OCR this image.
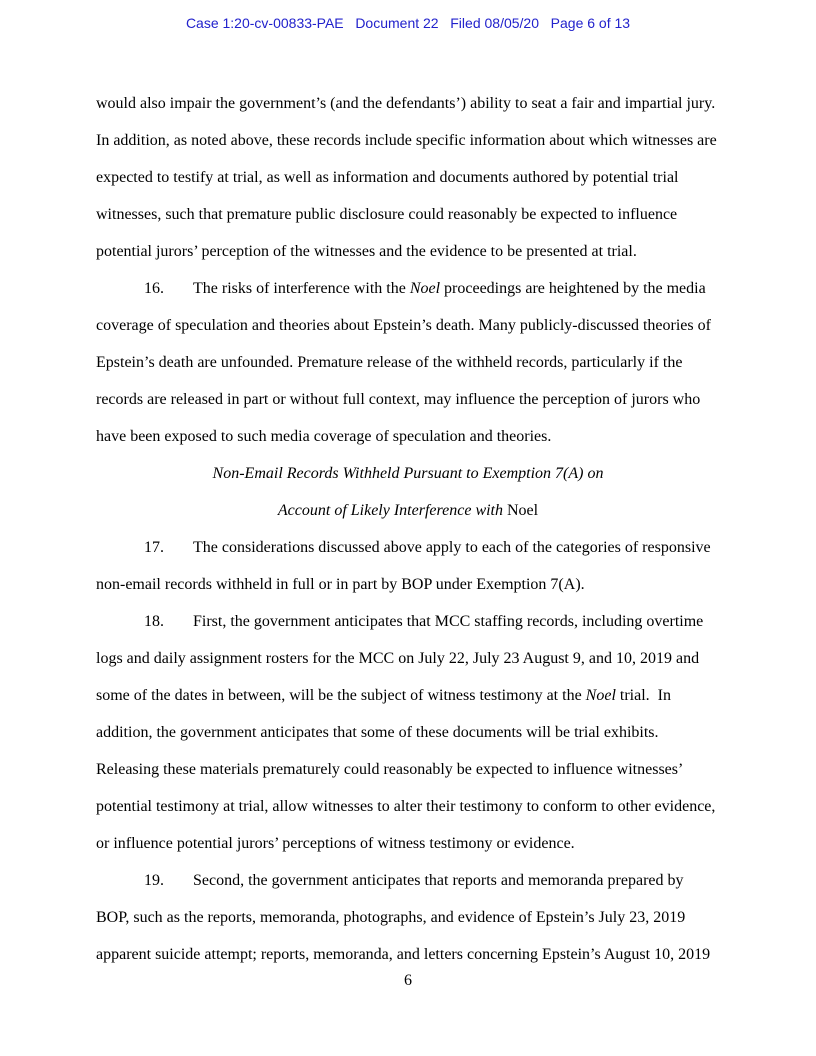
Case 1:20-cv-00833-PAE   Document 22   Filed 08/05/20   Page 6 of 13
would also impair the government’s (and the defendants’) ability to seat a fair and impartial jury. In addition, as noted above, these records include specific information about which witnesses are expected to testify at trial, as well as information and documents authored by potential trial witnesses, such that premature public disclosure could reasonably be expected to influence potential jurors’ perception of the witnesses and the evidence to be presented at trial.
16. The risks of interference with the Noel proceedings are heightened by the media coverage of speculation and theories about Epstein’s death. Many publicly-discussed theories of Epstein’s death are unfounded. Premature release of the withheld records, particularly if the records are released in part or without full context, may influence the perception of jurors who have been exposed to such media coverage of speculation and theories.
Non-Email Records Withheld Pursuant to Exemption 7(A) on
Account of Likely Interference with Noel
17. The considerations discussed above apply to each of the categories of responsive non-email records withheld in full or in part by BOP under Exemption 7(A).
18. First, the government anticipates that MCC staffing records, including overtime logs and daily assignment rosters for the MCC on July 22, July 23 August 9, and 10, 2019 and some of the dates in between, will be the subject of witness testimony at the Noel trial.  In addition, the government anticipates that some of these documents will be trial exhibits. Releasing these materials prematurely could reasonably be expected to influence witnesses’ potential testimony at trial, allow witnesses to alter their testimony to conform to other evidence, or influence potential jurors’ perceptions of witness testimony or evidence.
19. Second, the government anticipates that reports and memoranda prepared by BOP, such as the reports, memoranda, photographs, and evidence of Epstein’s July 23, 2019 apparent suicide attempt; reports, memoranda, and letters concerning Epstein’s August 10, 2019
6
